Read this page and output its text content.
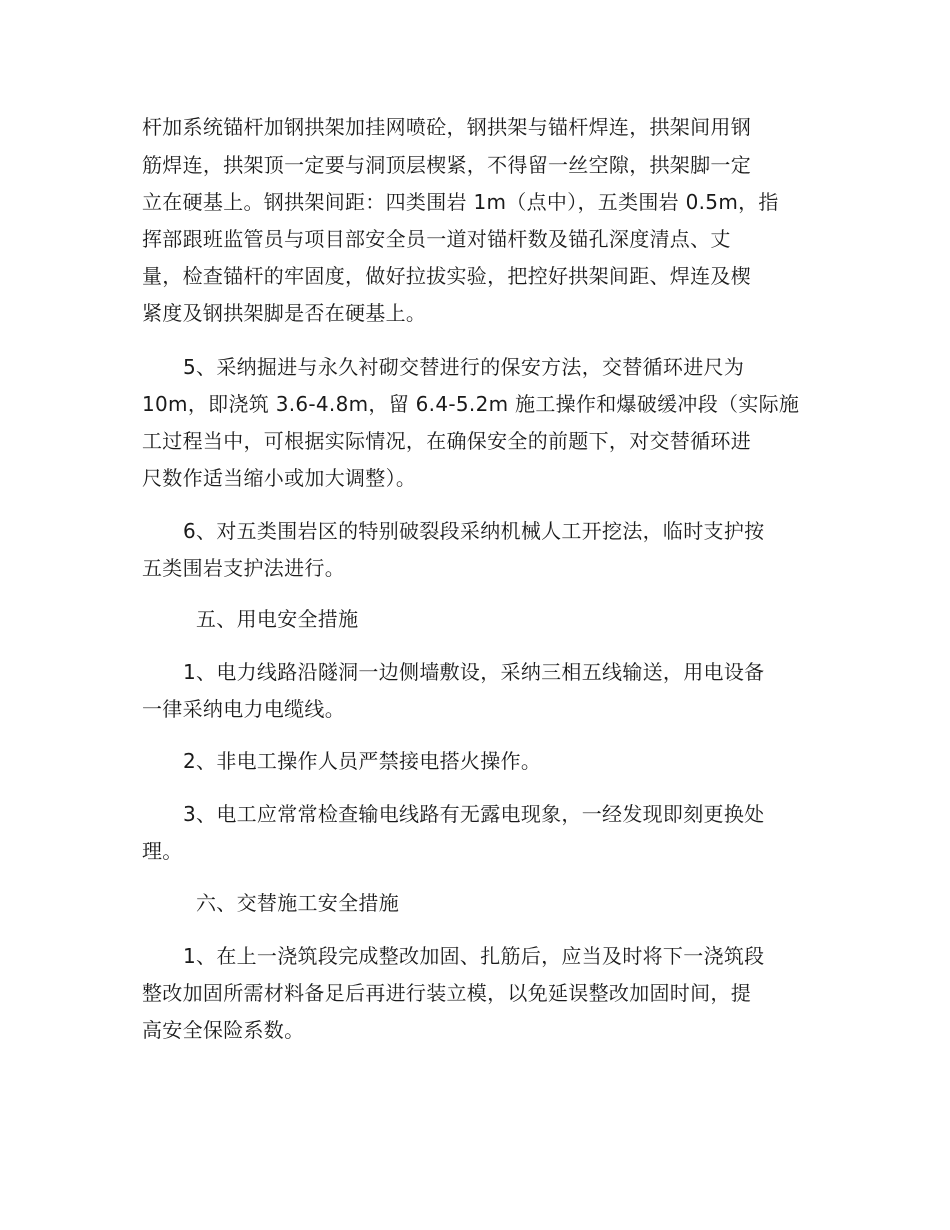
杆加系统锚杆加钢拱架加挂网喷砼，钢拱架与锚杆焊连，拱架间用钢
筋焊连，拱架顶一定要与洞顶层楔紧，不得留一丝空隙，拱架脚一定
立在硬基上。钢拱架间距：四类围岩 1m（点中），五类围岩 0.5m，指
挥部跟班监管员与项目部安全员一道对锚杆数及锚孔深度清点、丈
量，检查锚杆的牢固度，做好拉拔实验，把控好拱架间距、焊连及楔
紧度及钢拱架脚是否在硬基上。
5、采纳掘进与永久衬砌交替进行的保安方法，交替循环进尺为
10m，即浇筑 3.6-4.8m，留 6.4-5.2m 施工操作和爆破缓冲段（实际施
工过程当中，可根据实际情况，在确保安全的前题下，对交替循环进
尺数作适当缩小或加大调整）。
6、对五类围岩区的特别破裂段采纳机械人工开挖法，临时支护按
五类围岩支护法进行。
五、用电安全措施
1、电力线路沿隧洞一边侧墙敷设，采纳三相五线输送，用电设备
一律采纳电力电缆线。
2、非电工操作人员严禁接电搭火操作。
3、电工应常常检查输电线路有无露电现象，一经发现即刻更换处
理。
六、交替施工安全措施
1、在上一浇筑段完成整改加固、扎筋后，应当及时将下一浇筑段
整改加固所需材料备足后再进行装立模，以免延误整改加固时间，提
高安全保险系数。
